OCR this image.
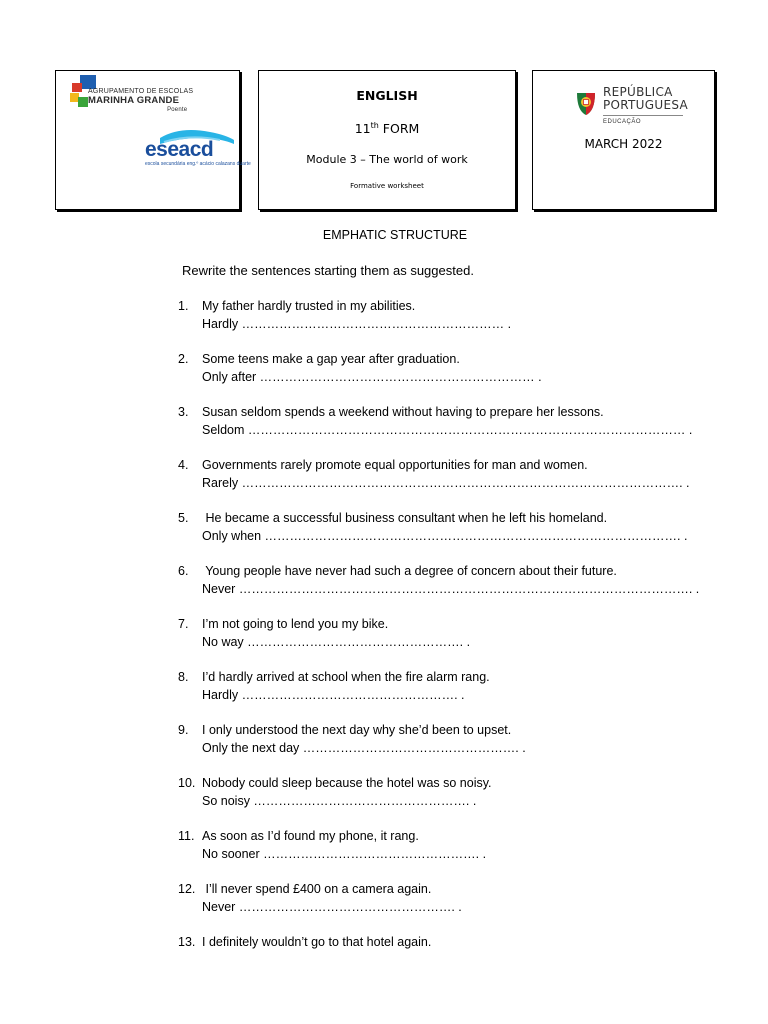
AGRUPAMENTO DE ESCOLAS
MARINHA GRANDE
Poente
eseacd
escola secundária eng.º acácio calazans duarte
ENGLISH
11th FORM
Module 3 – The world of work
Formative worksheet
REPÚBLICA
PORTUGUESA
EDUCAÇÃO
MARCH 2022
EMPHATIC STRUCTURE
Rewrite the sentences starting them as suggested.
1. My father hardly trusted in my abilities.
Hardly ……………………………………………………… .
2. Some teens make a gap year after graduation.
Only after ………………………………………………………… .
3. Susan seldom spends a weekend without having to prepare her lessons.
Seldom …………………………………………………………………………………………… .
4. Governments rarely promote equal opportunities for man and women.
Rarely ……………………………………………………………………………………………. .
5. He became a successful business consultant when he left his homeland.
Only when ………………………………………………………………………………………. .
6. Young people have never had such a degree of concern about their future.
Never ………………………………………………………………………………………………. .
7. I’m not going to lend you my bike.
No way ……………………………………………. .
8. I’d hardly arrived at school when the fire alarm rang.
Hardly ……………………………………………. .
9. I only understood the next day why she’d been to upset.
Only the next day ……………………………………………. .
10. Nobody could sleep because the hotel was so noisy.
So noisy ……………………………………………. .
11. As soon as I’d found my phone, it rang.
No sooner ……………………………………………. .
12. I’ll never spend £400 on a camera again.
Never ……………………………………………. .
13. I definitely wouldn’t go to that hotel again.
